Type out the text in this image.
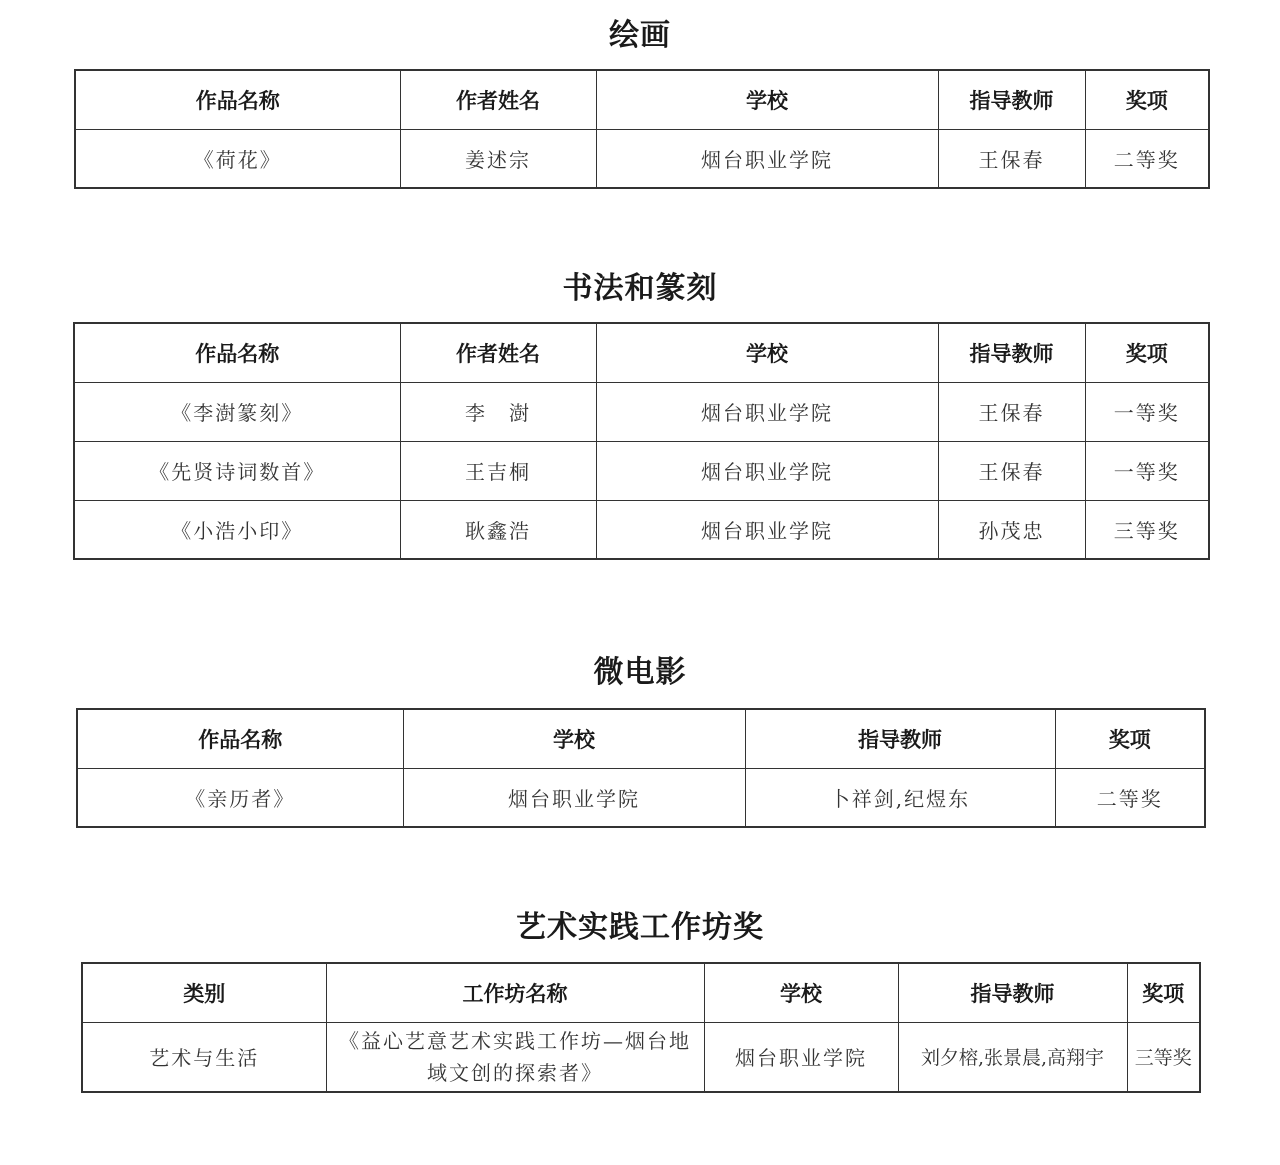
绘画
作品名称	作者姓名	学校	指导教师	奖项
《荷花》	姜述宗	烟台职业学院	王保春	二等奖
书法和篆刻
作品名称	作者姓名	学校	指导教师	奖项
《李澍篆刻》	李　澍	烟台职业学院	王保春	一等奖
《先贤诗词数首》	王吉桐	烟台职业学院	王保春	一等奖
《小浩小印》	耿鑫浩	烟台职业学院	孙茂忠	三等奖
微电影
作品名称	学校	指导教师	奖项
《亲历者》	烟台职业学院	卜祥剑,纪煜东	二等奖
艺术实践工作坊奖
类别	工作坊名称	学校	指导教师	奖项
艺术与生活	《益心艺意艺术实践工作坊—烟台地域文创的探索者》	烟台职业学院	刘夕榕,张景晨,高翔宇	三等奖
